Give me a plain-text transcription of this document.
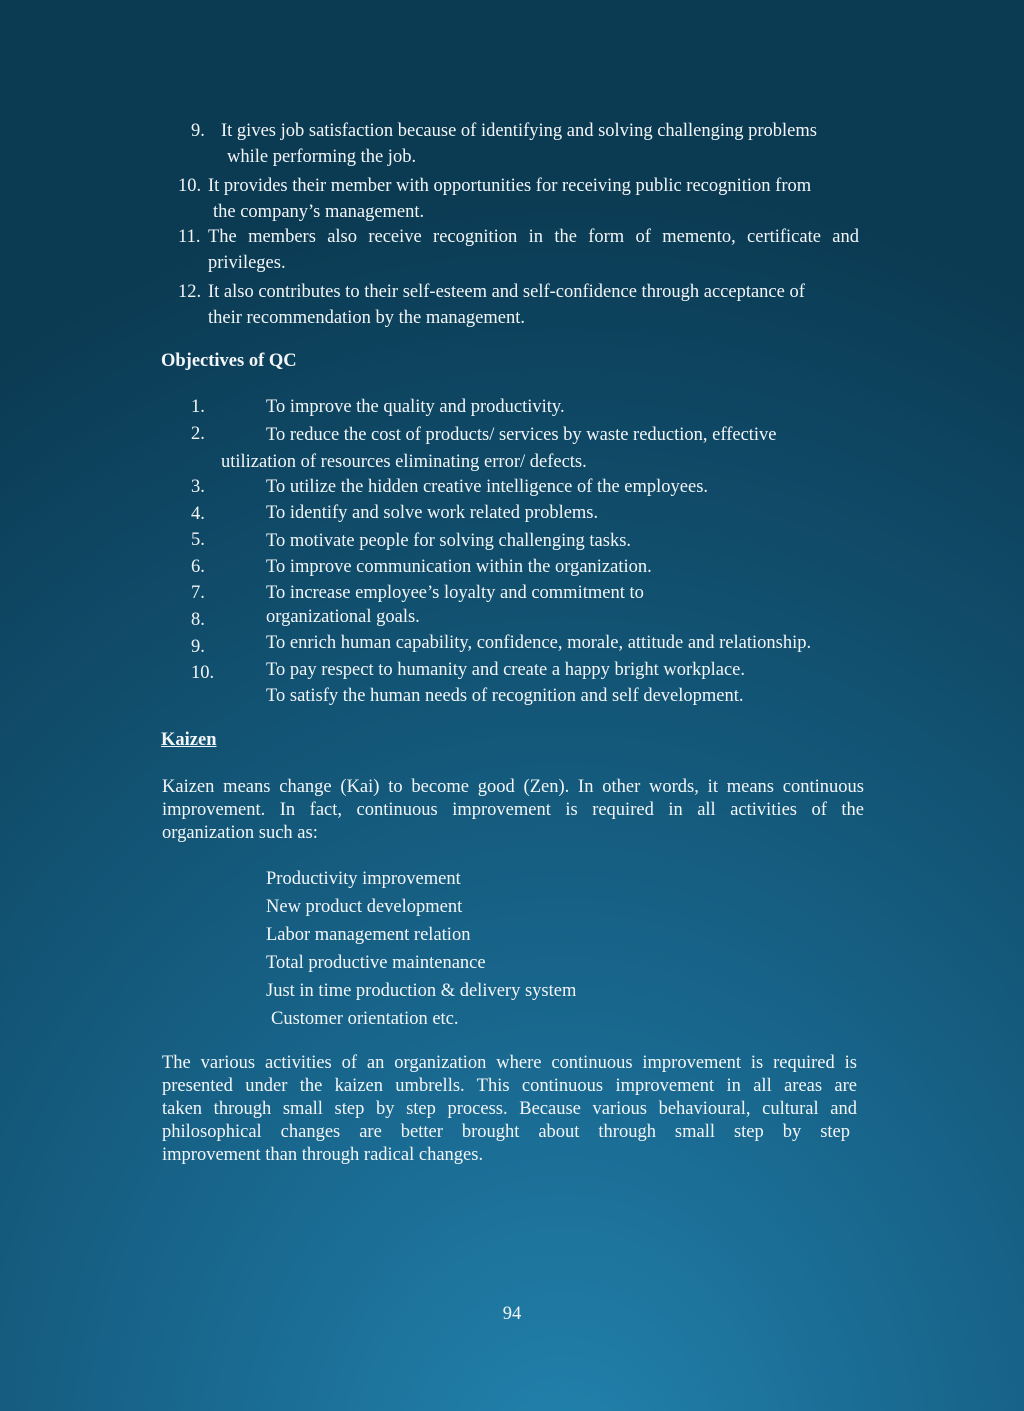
9. It gives job satisfaction because of identifying and solving challenging problems
while performing the job.
10. It provides their member with opportunities for receiving public recognition from
the company’s management.
11. The members also receive recognition in the form of memento, certificate and
privileges.
12. It also contributes to their self-esteem and self-confidence through acceptance of
their recommendation by the management.
Objectives of QC
1.
2.
3.
4.
5.
6.
7.
8.
9.
10.
To improve the quality and productivity.
To reduce the cost of products/ services by waste reduction, effective
utilization of resources eliminating error/ defects.
To utilize the hidden creative intelligence of the employees.
To identify and solve work related problems.
To motivate people for solving challenging tasks.
To improve communication within the organization.
To increase employee’s loyalty and commitment to
organizational goals.
To enrich human capability, confidence, morale, attitude and relationship.
To pay respect to humanity and create a happy bright workplace.
To satisfy the human needs of recognition and self development.
Kaizen
Kaizen means change (Kai) to become good (Zen). In other words, it means continuous
improvement. In fact, continuous improvement is required in all activities of the
organization such as:
Productivity improvement
New product development
Labor management relation
Total productive maintenance
Just in time production & delivery system
Customer orientation etc.
The various activities of an organization where continuous improvement is required is
presented under the kaizen umbrells. This continuous improvement in all areas are
taken through small step by step process. Because various behavioural, cultural and
philosophical changes are better brought about through small step by step
improvement than through radical changes.
94
